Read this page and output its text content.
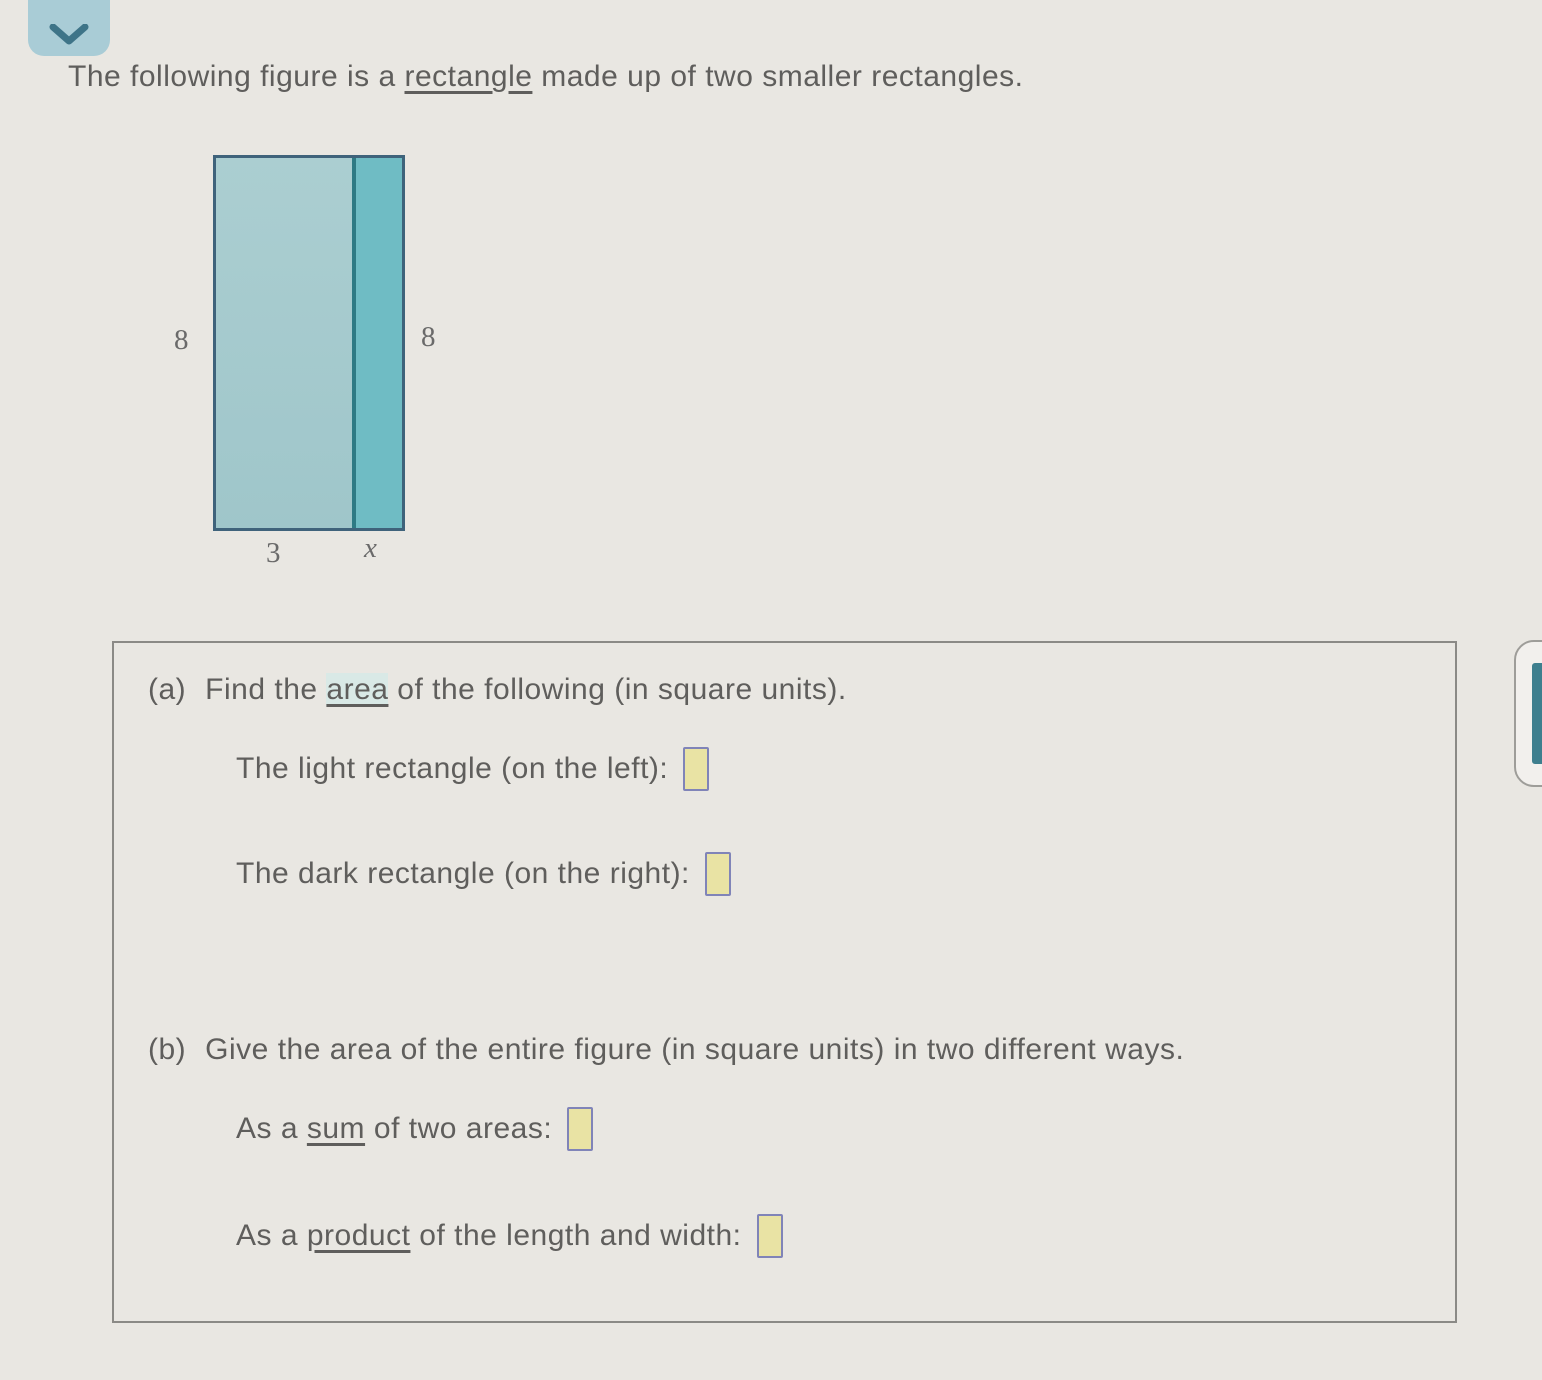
The following figure is a rectangle made up of two smaller rectangles.
8	8
3	x
(a) Find the area of the following (in square units).
The light rectangle (on the left):
The dark rectangle (on the right):
(b) Give the area of the entire figure (in square units) in two different ways.
As a sum of two areas:
As a product of the length and width:
